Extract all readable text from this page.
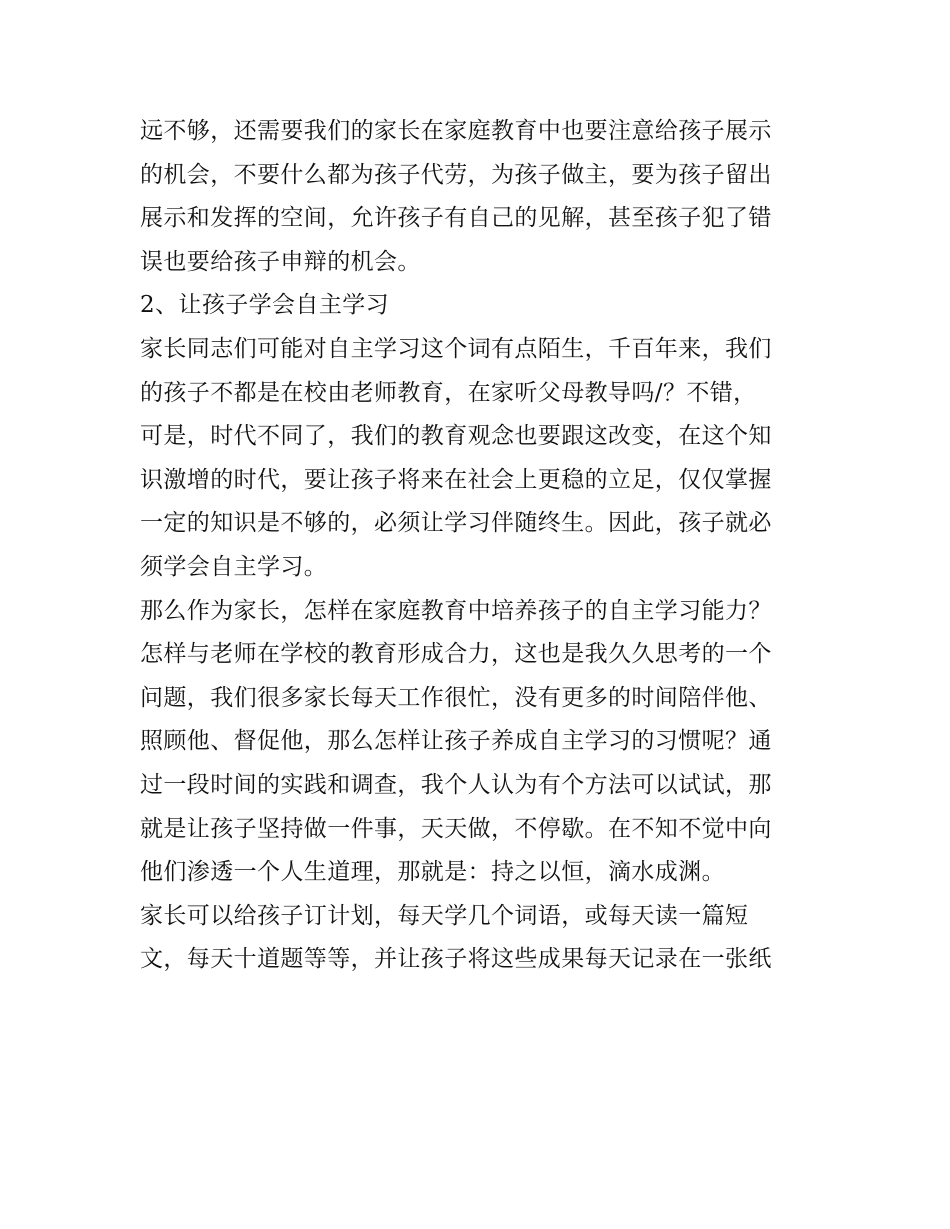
远不够，还需要我们的家长在家庭教育中也要注意给孩子展示
的机会，不要什么都为孩子代劳，为孩子做主，要为孩子留出
展示和发挥的空间，允许孩子有自己的见解，甚至孩子犯了错
误也要给孩子申辩的机会。
2、让孩子学会自主学习
家长同志们可能对自主学习这个词有点陌生，千百年来，我们
的孩子不都是在校由老师教育，在家听父母教导吗/？不错，
可是，时代不同了，我们的教育观念也要跟这改变，在这个知
识激增的时代，要让孩子将来在社会上更稳的立足，仅仅掌握
一定的知识是不够的，必须让学习伴随终生。因此，孩子就必
须学会自主学习。
那么作为家长，怎样在家庭教育中培养孩子的自主学习能力？
怎样与老师在学校的教育形成合力，这也是我久久思考的一个
问题，我们很多家长每天工作很忙，没有更多的时间陪伴他、
照顾他、督促他，那么怎样让孩子养成自主学习的习惯呢？通
过一段时间的实践和调查，我个人认为有个方法可以试试，那
就是让孩子坚持做一件事，天天做，不停歇。在不知不觉中向
他们渗透一个人生道理，那就是：持之以恒，滴水成渊。
家长可以给孩子订计划，每天学几个词语，或每天读一篇短
文，每天十道题等等，并让孩子将这些成果每天记录在一张纸
